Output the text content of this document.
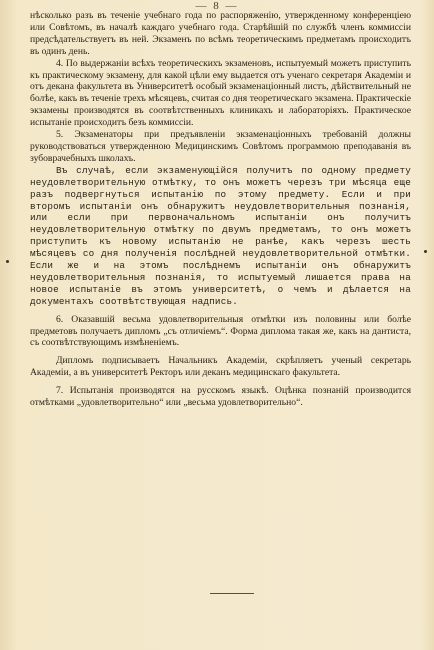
— 8 —

нѣсколько разъ въ теченіе учебнаго года по распоряженію, утвержденному конференціею или Совѣтомъ, въ началѣ каждаго учебнаго года. Старѣйшій по службѣ членъ коммиссіи предсѣдательствуетъ въ ней. Экзаменъ по всѣмъ теоретическимъ предметамъ происходитъ въ одинъ день.

4. По выдержаніи всѣхъ теоретическихъ экзаменовъ, испытуемый можетъ приступить къ практическому экзамену, для какой цѣли ему выдается отъ ученаго секретаря Академіи и отъ декана факультета въ Университетѣ особый экзаменаціонный листъ, дѣйствительный не болѣе, какъ въ теченіе трехъ мѣсяцевъ, считая со дня теоретическаго экзамена. Практическіе экзамены производятся въ соотвѣтственныхъ клиникахъ и лабораторіяхъ. Практическое испытаніе происходитъ безъ коммиссіи.

5. Экзаменаторы при предъявленіи экзаменаціонныхъ требованій должны руководствоваться утвержденною Медицинскимъ Совѣтомъ программою преподаванія въ зубоврачебныхъ школахъ.

Въ случаѣ, если экзаменующійся получитъ по одному предмету неудовлетворительную отмѣтку, то онъ можетъ черезъ три мѣсяца еще разъ подвергнуться испытанію по этому предмету. Если и при второмъ испытаніи онъ обнаружитъ неудовлетворительныя познанія, или если при первоначальномъ испытаніи онъ получитъ неудовлетворительную отмѣтку по двумъ предметамъ, то онъ можетъ приступить къ новому испытанію не ранѣе, какъ черезъ шесть мѣсяцевъ со дня полученія послѣдней неудовлетворительной отмѣтки. Если же и на этомъ послѣднемъ испытаніи онъ обнаружитъ неудовлетворительныя познанія, то испытуемый лишается права на новое испытаніе въ этомъ университетѣ, о чемъ и дѣлается на документахъ соотвѣтствующая надпись.

6. Оказавшій весьма удовлетворительныя отмѣтки изъ половины или болѣе предметовъ получаетъ дипломъ „съ отличіемъ“. Форма диплома такая же, какъ на дантиста, съ соотвѣтствующимъ измѣненіемъ.

Дипломъ подписываетъ Начальникъ Академіи, скрѣпляетъ ученый секретарь Академіи, а въ университетѣ Ректоръ или деканъ медицинскаго факультета.

7. Испытанія производятся на русскомъ языкѣ. Оцѣнка познаній производится отмѣтками „удовлетворительно“ или „весьма удовлетворительно“.
